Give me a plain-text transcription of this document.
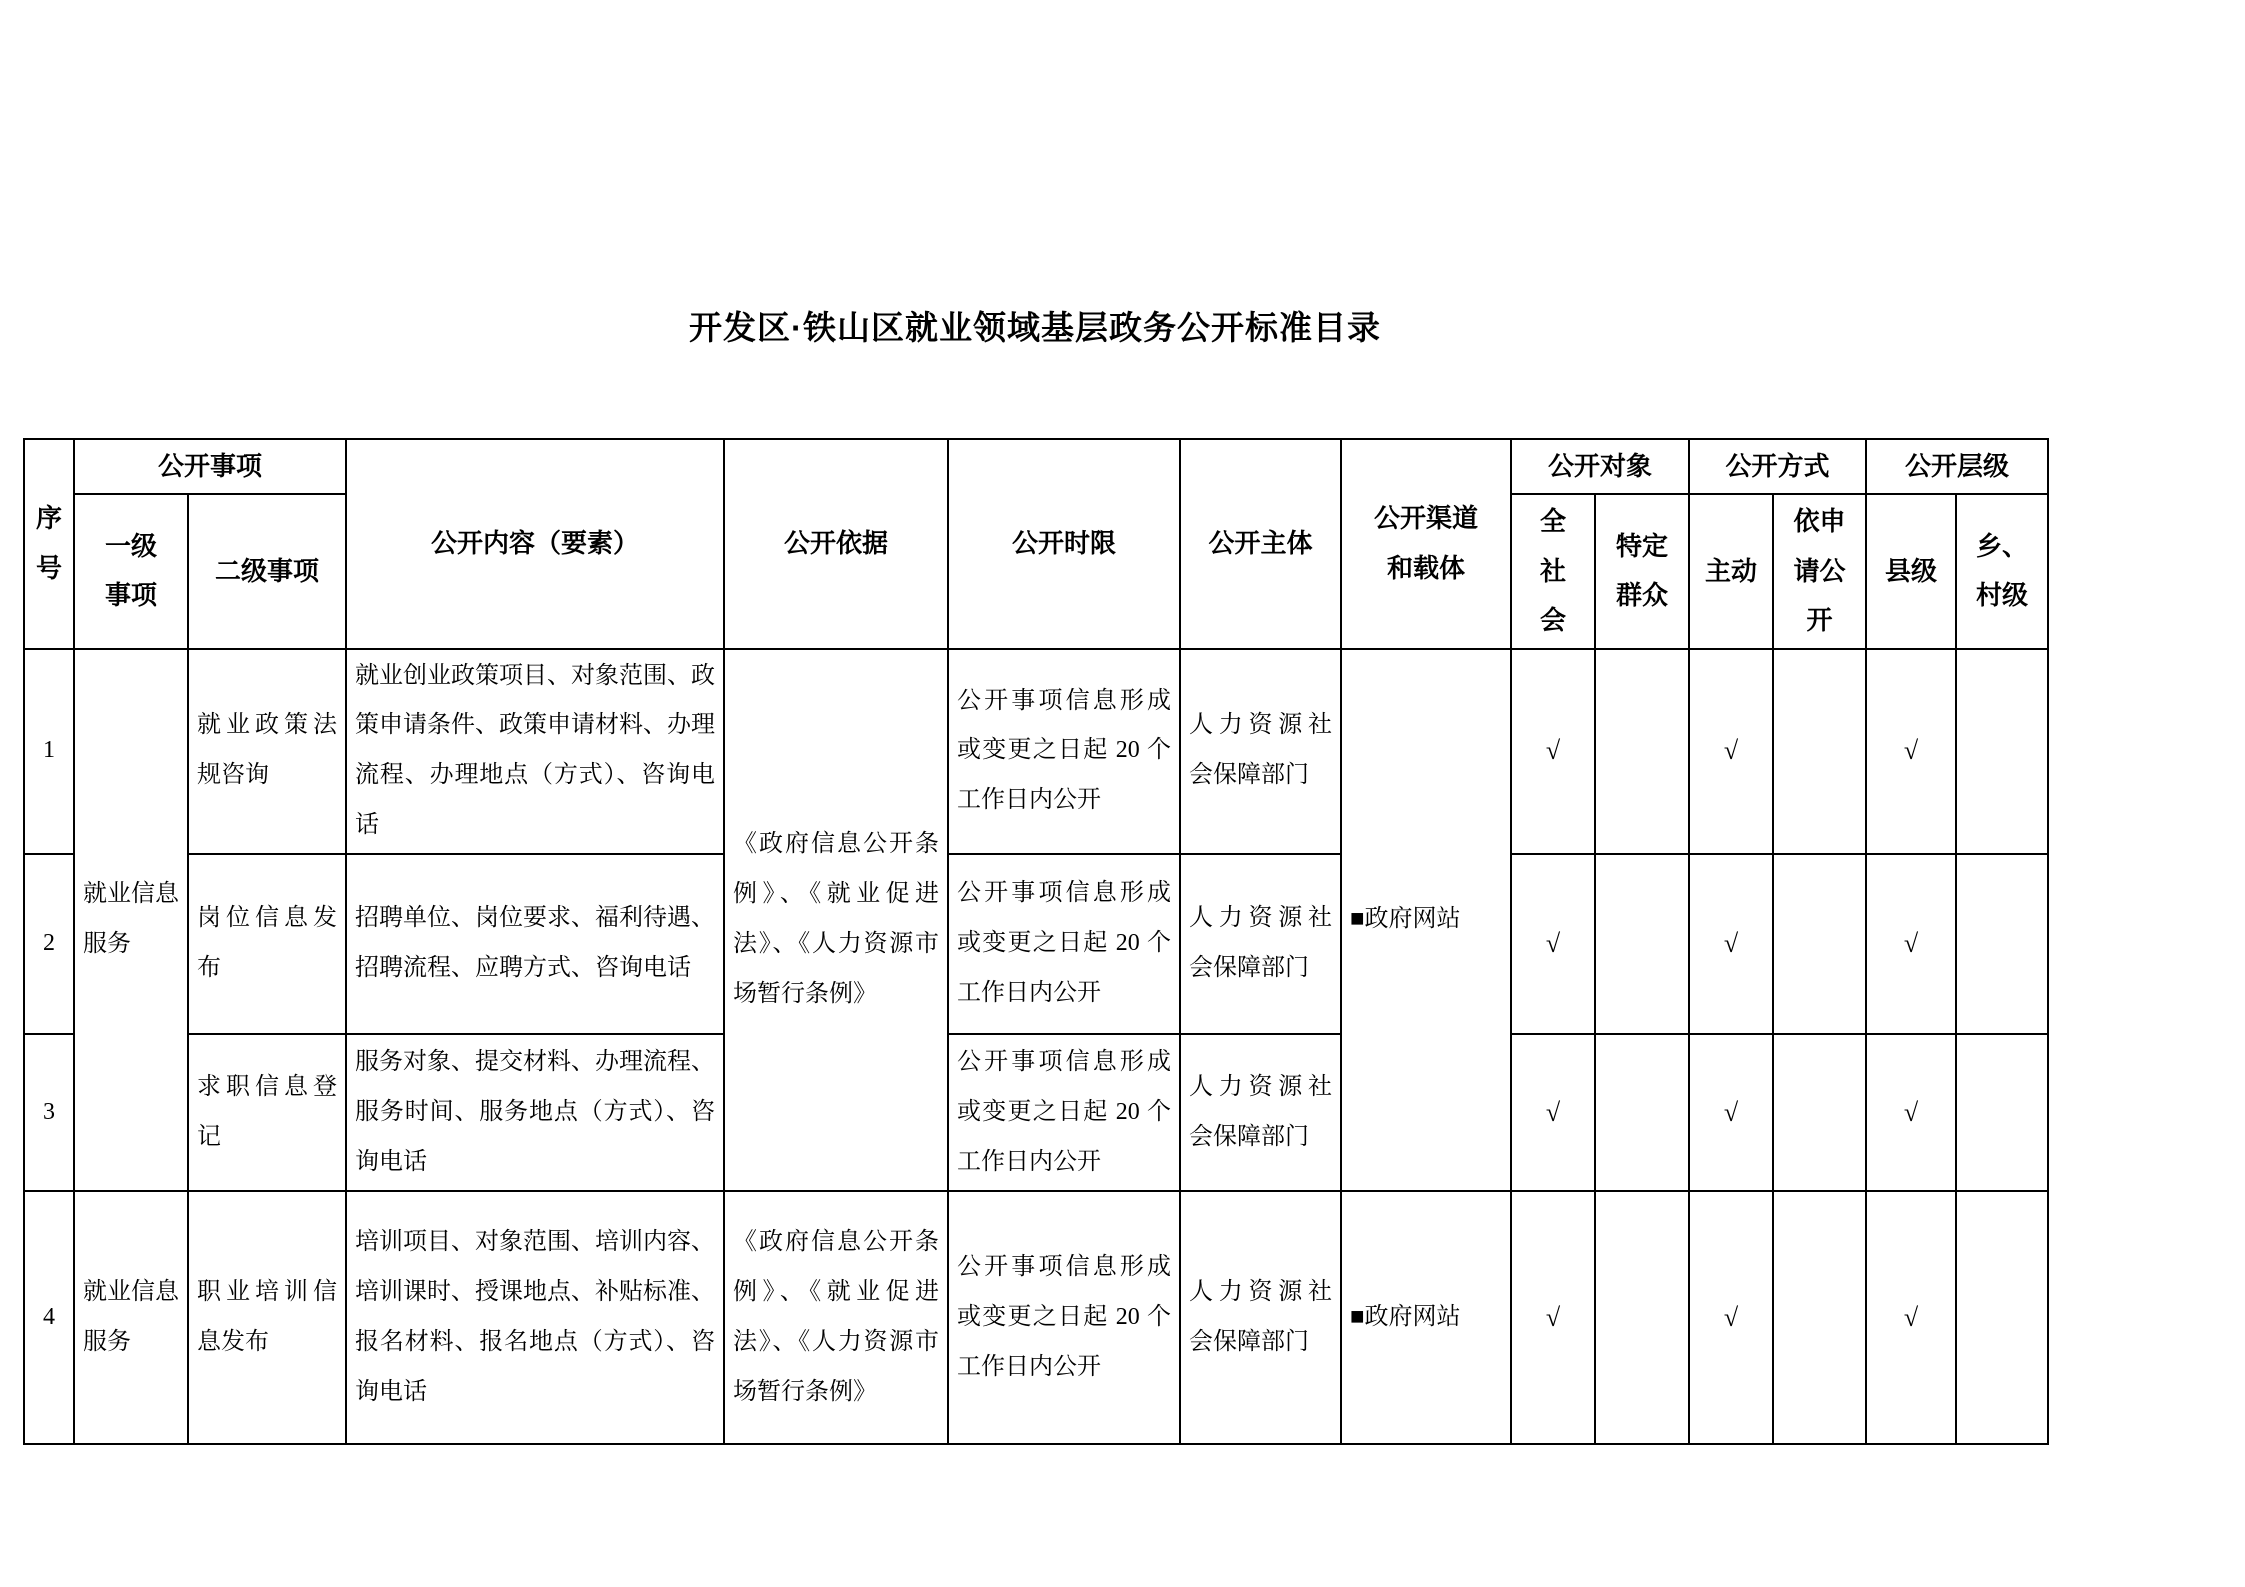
开发区·铁山区就业领域基层政务公开标准目录
序号	公开事项		公开内容（要素）	公开依据	公开时限	公开主体	公开渠道和载体	公开对象		公开方式		公开层级	
	一级事项	二级事项						全社会	特定群众	主动	依申请公开	县级	乡、村级
1	就业信息服务	就业政策法规咨询	就业创业政策项目、对象范围、政策申请条件、政策申请材料、办理流程、办理地点（方式）、咨询电话	《政府信息公开条例》、《就业促进法》、《人力资源市场暂行条例》	公开事项信息形成或变更之日起 20 个工作日内公开	人力资源社会保障部门	■政府网站	√		√		√	
2		岗位信息发布	招聘单位、岗位要求、福利待遇、招聘流程、应聘方式、咨询电话		公开事项信息形成或变更之日起 20 个工作日内公开	人力资源社会保障部门		√		√		√	
3		求职信息登记	服务对象、提交材料、办理流程、服务时间、服务地点（方式）、咨询电话		公开事项信息形成或变更之日起 20 个工作日内公开	人力资源社会保障部门		√		√		√	
4	就业信息服务	职业培训信息发布	培训项目、对象范围、培训内容、培训课时、授课地点、补贴标准、报名材料、报名地点（方式）、咨询电话	《政府信息公开条例》、《就业促进法》、《人力资源市场暂行条例》	公开事项信息形成或变更之日起 20 个工作日内公开	人力资源社会保障部门	■政府网站	√		√		√	
